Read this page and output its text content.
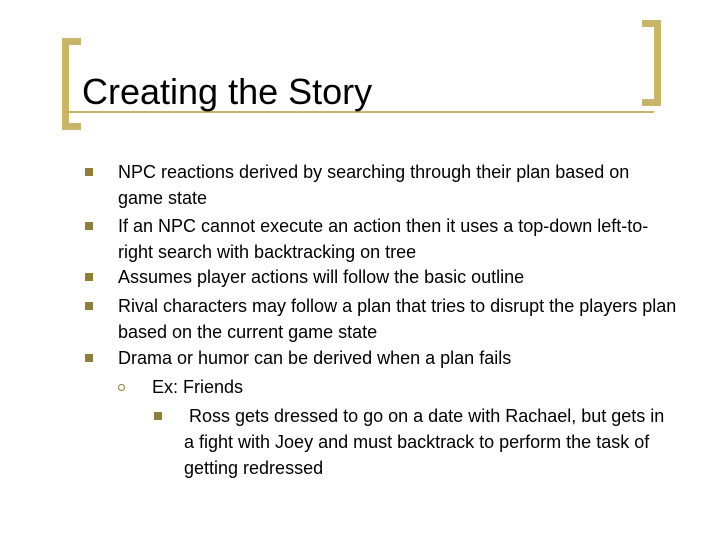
Creating the Story
NPC reactions derived by searching through their plan based on game state
If an NPC cannot execute an action then it uses a top-down left-to-right search with backtracking on tree
Assumes player actions will follow the basic outline
Rival characters may follow a plan that tries to disrupt the players plan based on the current game state
Drama or humor can be derived when a plan fails
Ex: Friends
Ross gets dressed to go on a date with Rachael, but gets in a fight with Joey and must backtrack to perform the task of getting redressed
